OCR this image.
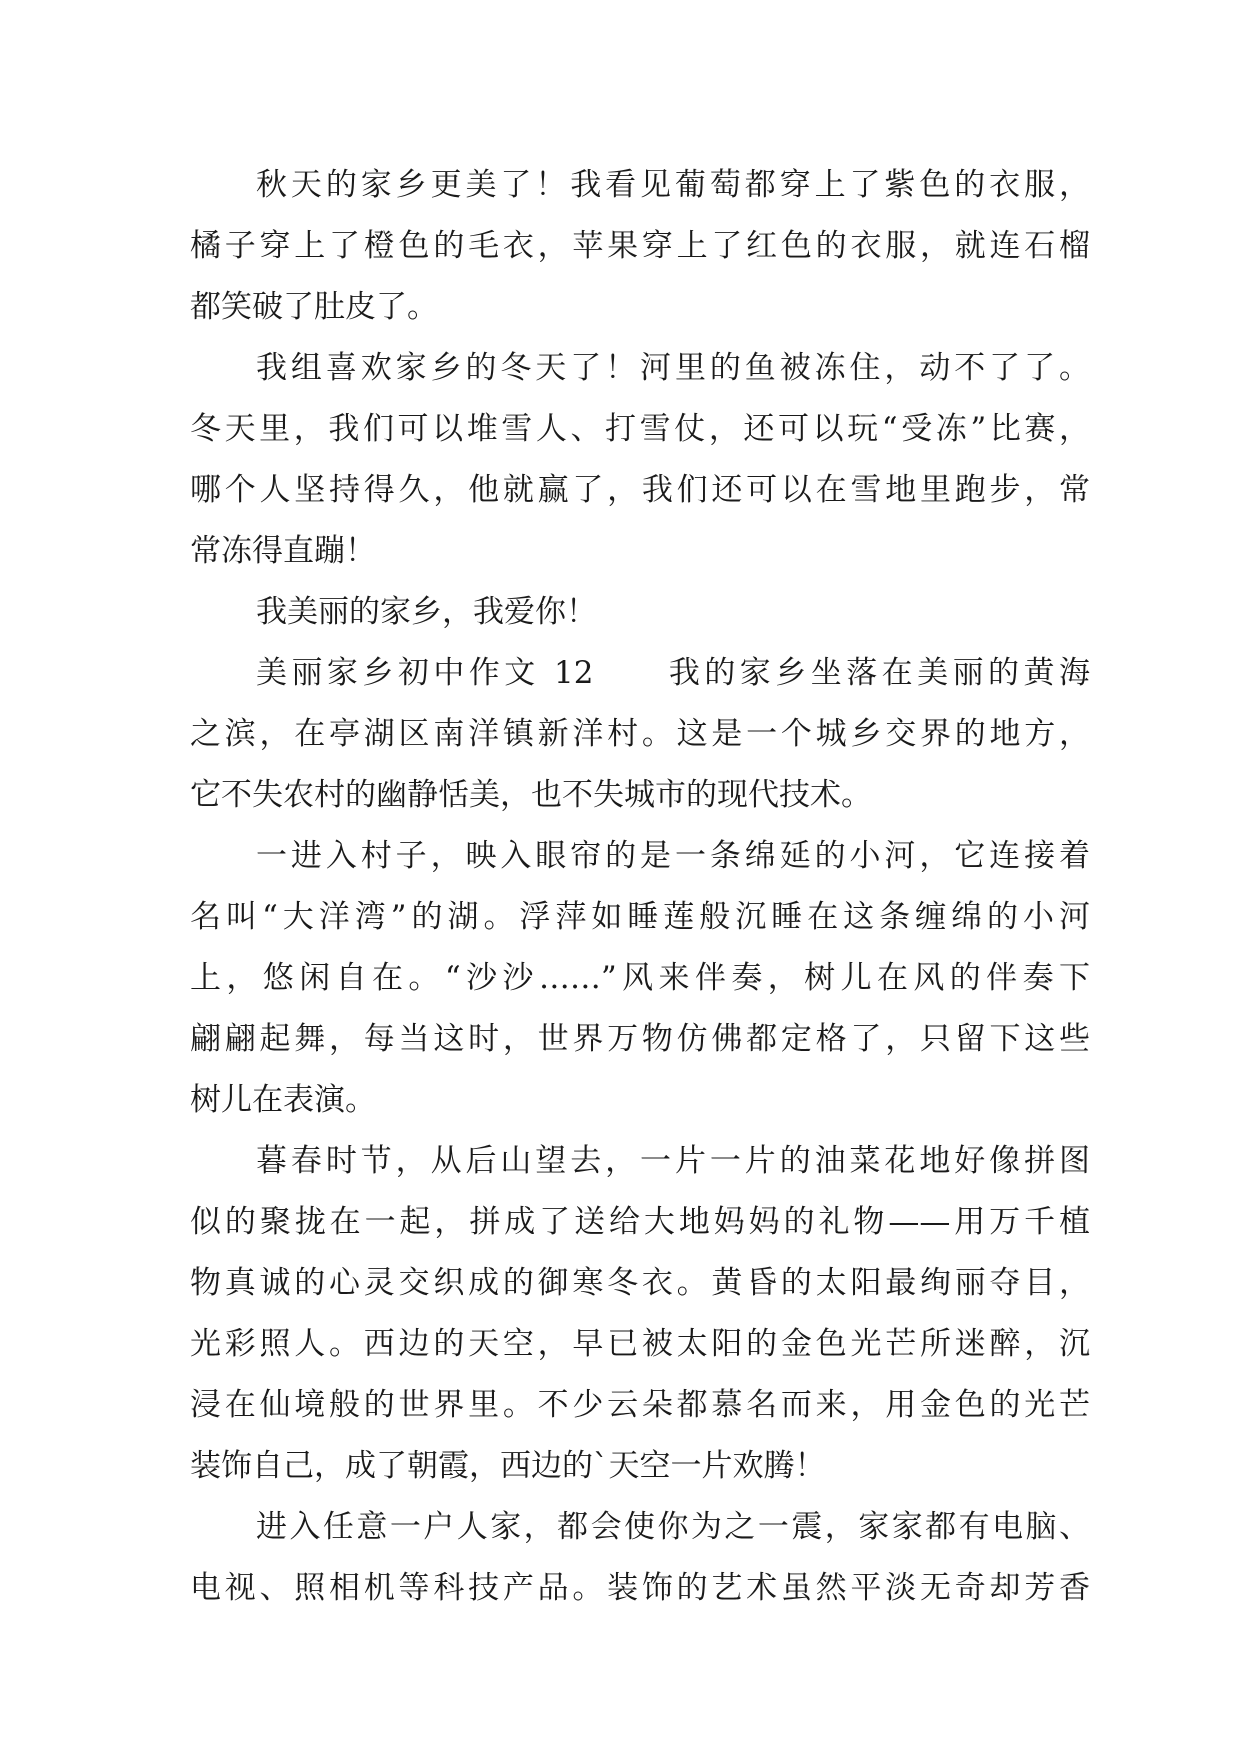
秋天的家乡更美了！我看见葡萄都穿上了紫色的衣服，
橘子穿上了橙色的毛衣，苹果穿上了红色的衣服，就连石榴
都笑破了肚皮了。
我组喜欢家乡的冬天了！河里的鱼被冻住，动不了了。
冬天里，我们可以堆雪人、打雪仗，还可以玩“受冻”比赛，
哪个人坚持得久，他就赢了，我们还可以在雪地里跑步，常
常冻得直蹦！
我美丽的家乡，我爱你！
美丽家乡初中作文 12　　我的家乡坐落在美丽的黄海
之滨，在亭湖区南洋镇新洋村。这是一个城乡交界的地方，
它不失农村的幽静恬美，也不失城市的现代技术。
一进入村子，映入眼帘的是一条绵延的小河，它连接着
名叫“大洋湾”的湖。浮萍如睡莲般沉睡在这条缠绵的小河
上，悠闲自在。“沙沙……”风来伴奏，树儿在风的伴奏下
翩翩起舞，每当这时，世界万物仿佛都定格了，只留下这些
树儿在表演。
暮春时节，从后山望去，一片一片的油菜花地好像拼图
似的聚拢在一起，拼成了送给大地妈妈的礼物——用万千植
物真诚的心灵交织成的御寒冬衣。黄昏的太阳最绚丽夺目，
光彩照人。西边的天空，早已被太阳的金色光芒所迷醉，沉
浸在仙境般的世界里。不少云朵都慕名而来，用金色的光芒
装饰自己，成了朝霞，西边的`天空一片欢腾！
进入任意一户人家，都会使你为之一震，家家都有电脑、
电视、照相机等科技产品。装饰的艺术虽然平淡无奇却芳香
